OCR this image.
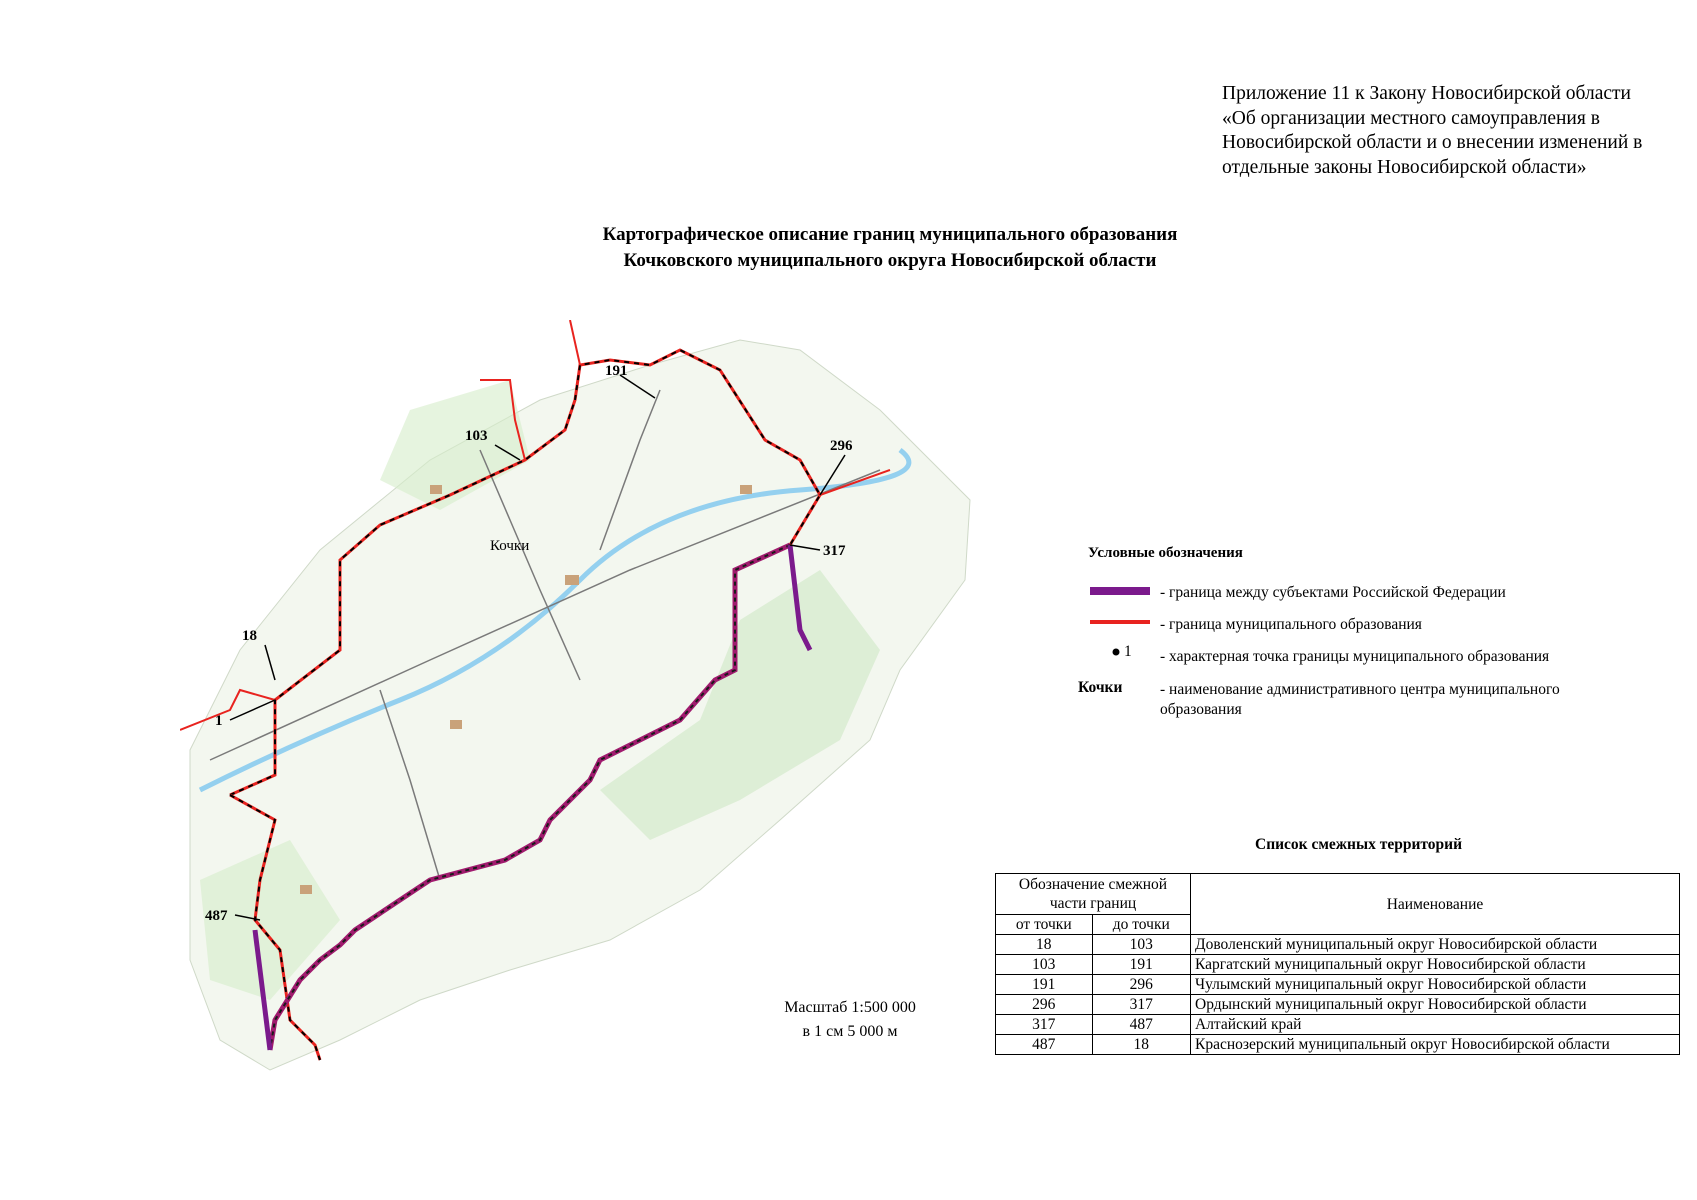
Приложение 11 к Закону Новосибирской области
«Об организации местного самоуправления в
Новосибирской области и о внесении изменений в
отдельные законы Новосибирской области»
Картографическое описание границ муниципального образования
Кочковского муниципального округа Новосибирской области
1
18
103
191
296
317
487
Кочки	Условные обозначения
- граница между субъектами Российской Федерации
- граница муниципального образования
1 - характерная точка границы муниципального образования
Кочки - наименование административного центра муниципального образования
Масштаб 1:500 000
в 1 см 5 000 м
Список смежных территорий
Обозначение смежной части границ		Наименование
от точки	до точки	
18	103	Доволенский муниципальный округ Новосибирской области
103	191	Каргатский муниципальный округ Новосибирской области
191	296	Чулымский муниципальный округ Новосибирской области
296	317	Ордынский муниципальный округ Новосибирской области
317	487	Алтайский край
487	18	Краснозерский муниципальный округ Новосибирской области
